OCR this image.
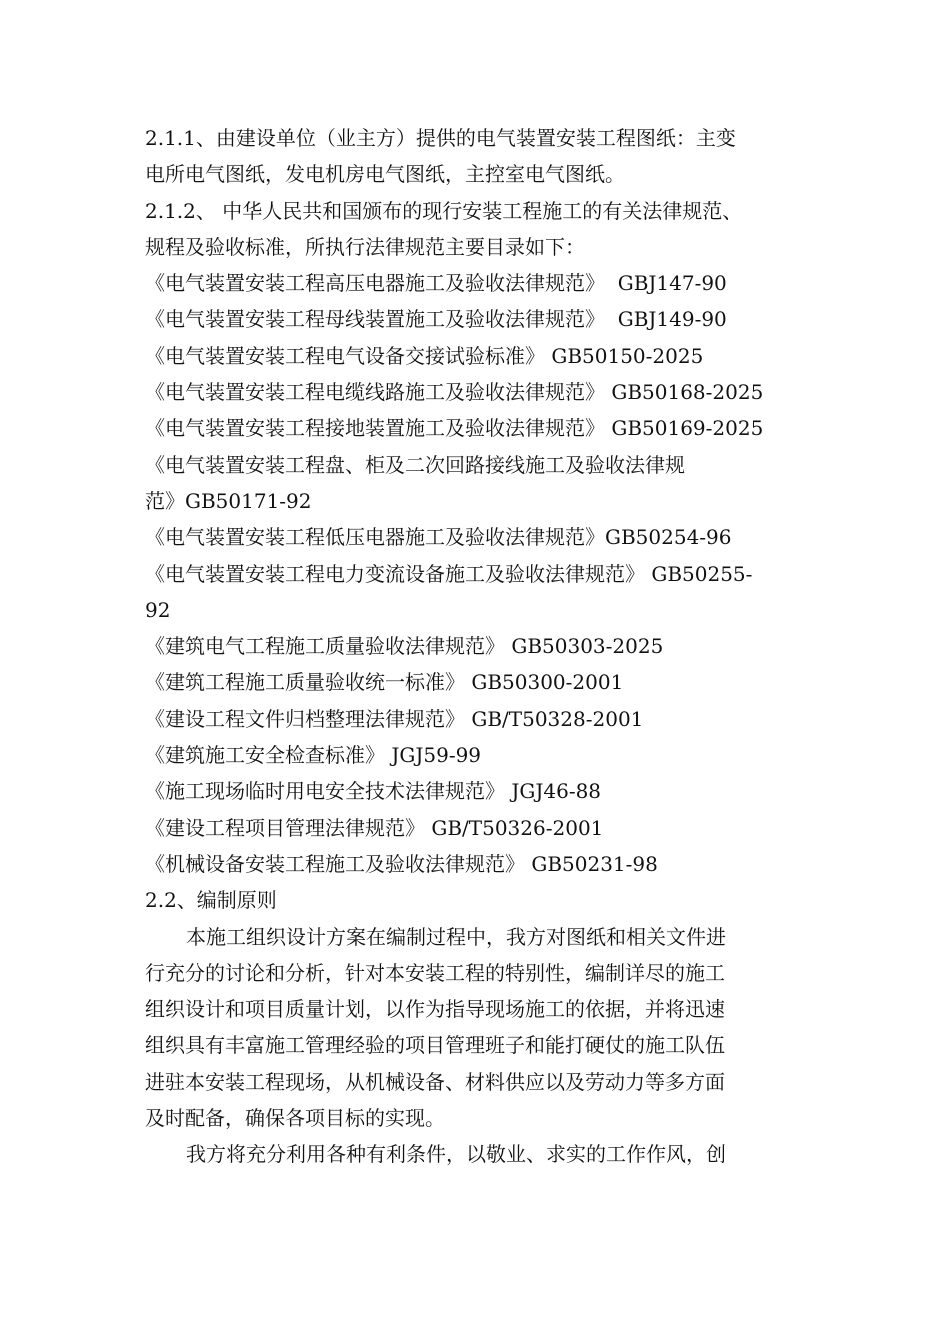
2.1.1、由建设单位（业主方）提供的电气装置安装工程图纸：主变
电所电气图纸，发电机房电气图纸，主控室电气图纸。
2.1.2、 中华人民共和国颁布的现行安装工程施工的有关法律规范、
规程及验收标准，所执行法律规范主要目录如下：
《电气装置安装工程高压电器施工及验收法律规范》  GBJ147-90
《电气装置安装工程母线装置施工及验收法律规范》  GBJ149-90
《电气装置安装工程电气设备交接试验标准》 GB50150-2025
《电气装置安装工程电缆线路施工及验收法律规范》 GB50168-2025
《电气装置安装工程接地装置施工及验收法律规范》 GB50169-2025
《电气装置安装工程盘、柜及二次回路接线施工及验收法律规
范》GB50171-92
《电气装置安装工程低压电器施工及验收法律规范》GB50254-96
《电气装置安装工程电力变流设备施工及验收法律规范》 GB50255-
92
《建筑电气工程施工质量验收法律规范》 GB50303-2025
《建筑工程施工质量验收统一标准》 GB50300-2001
《建设工程文件归档整理法律规范》 GB/T50328-2001
《建筑施工安全检查标准》 JGJ59-99
《施工现场临时用电安全技术法律规范》 JGJ46-88
《建设工程项目管理法律规范》 GB/T50326-2001
《机械设备安装工程施工及验收法律规范》 GB50231-98
2.2、编制原则
本施工组织设计方案在编制过程中，我方对图纸和相关文件进
行充分的讨论和分析，针对本安装工程的特别性，编制详尽的施工
组织设计和项目质量计划，以作为指导现场施工的依据，并将迅速
组织具有丰富施工管理经验的项目管理班子和能打硬仗的施工队伍
进驻本安装工程现场，从机械设备、材料供应以及劳动力等多方面
及时配备，确保各项目标的实现。
我方将充分利用各种有利条件，以敬业、求实的工作作风，创
